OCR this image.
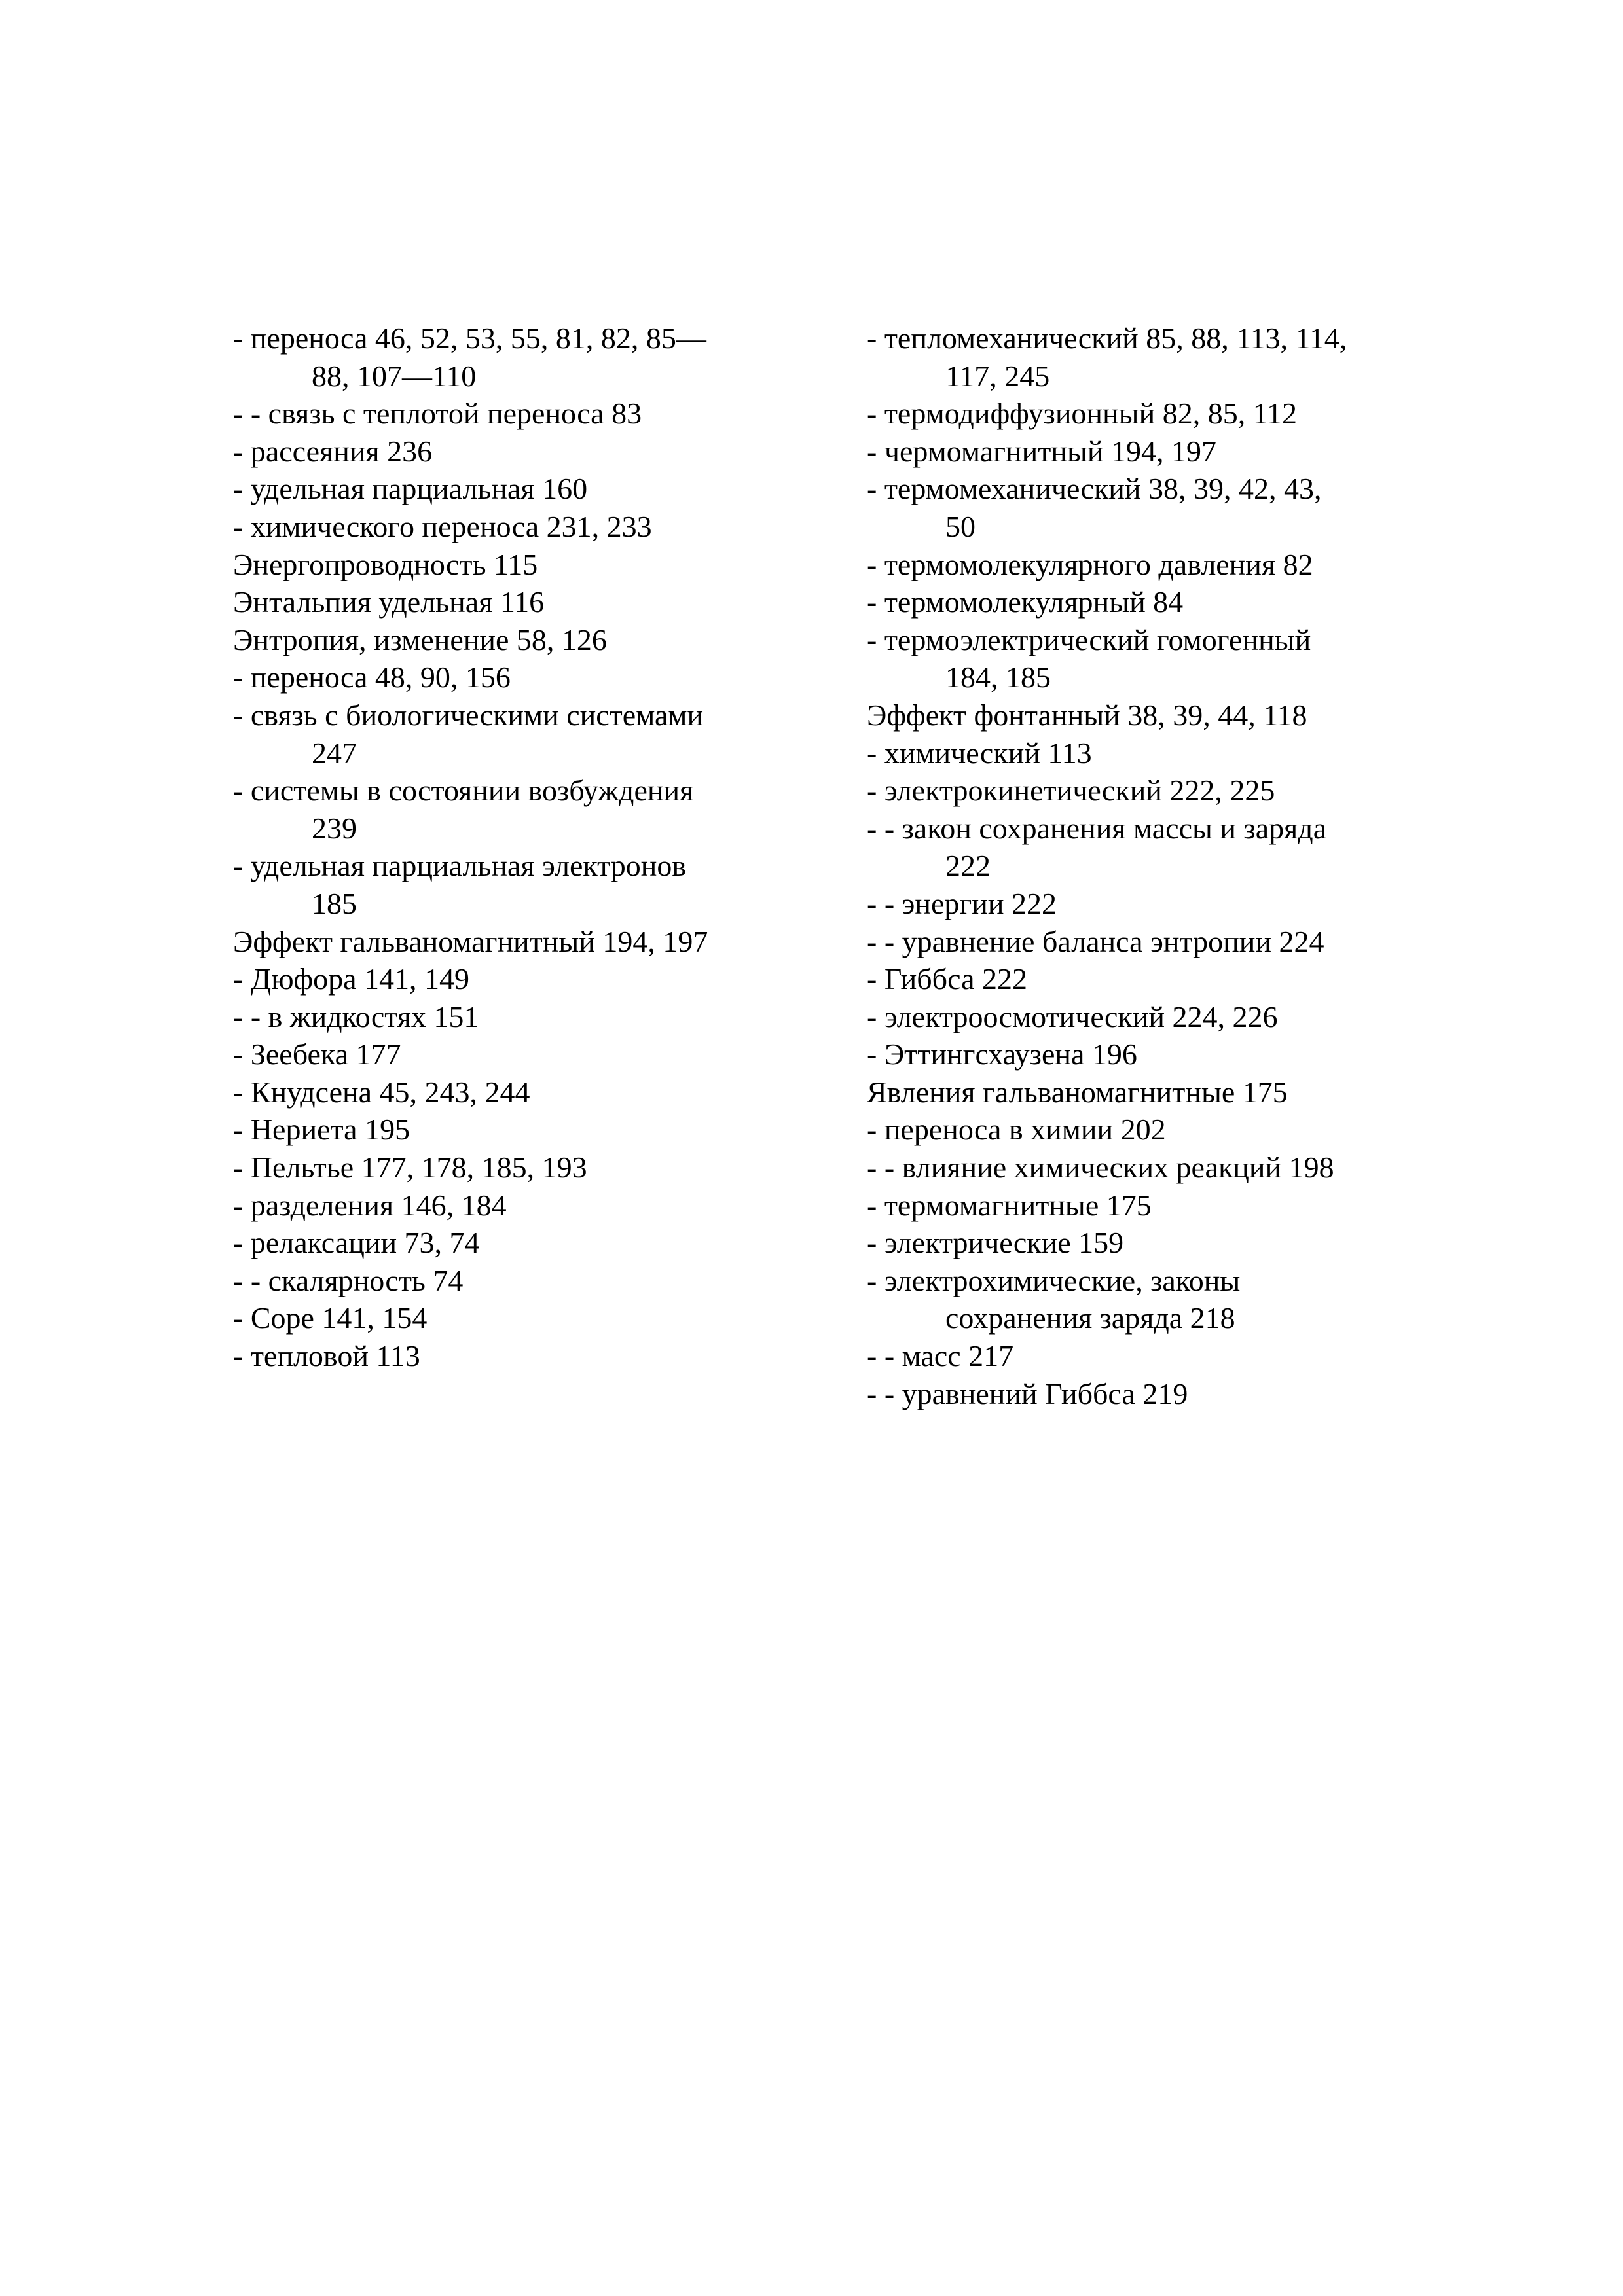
- переноса 46, 52, 53, 55, 81, 82, 85—
88, 107—110

- - связь с теплотой переноса 83

- рассеяния 236

- удельная парциальная 160

- химического переноса 231, 233

Энергопроводность 115

Энтальпия удельная 116

Энтропия, изменение 58, 126

- переноса 48, 90, 156

- связь с биологическими системами
247

- системы в состоянии возбуждения
239

- удельная парциальная электронов
185

Эффект гальваномагнитный 194, 197

- Дюфора 141, 149

- - в жидкостях 151

- Зеебека 177

- Кнудсена 45, 243, 244

- Нериета 195

- Пельтье 177, 178, 185, 193

- разделения 146, 184

- релаксации 73, 74

- - скалярность 74

- Соре 141, 154

- тепловой 113

- тепломеханический 85, 88, 113, 114,
117, 245

- термодиффузионный 82, 85, 112

- чермомагнитный 194, 197

- термомеханический 38, 39, 42, 43,
50

- термомолекулярного давления 82

- термомолекулярный 84

- термоэлектрический гомогенный
184, 185

Эффект фонтанный 38, 39, 44, 118

- химический 113

- электрокинетический 222, 225

- - закон сохранения массы и заряда
222

- - энергии 222

- - уравнение баланса энтропии 224

- Гиббса 222

- электроосмотический 224, 226

- Эттингсхаузена 196

Явления гальваномагнитные 175

- переноса в химии 202

- - влияние химических реакций 198

- термомагнитные 175

- электрические 159

- электрохимические, законы
сохранения заряда 218

- - масс 217

- - уравнений Гиббса 219
